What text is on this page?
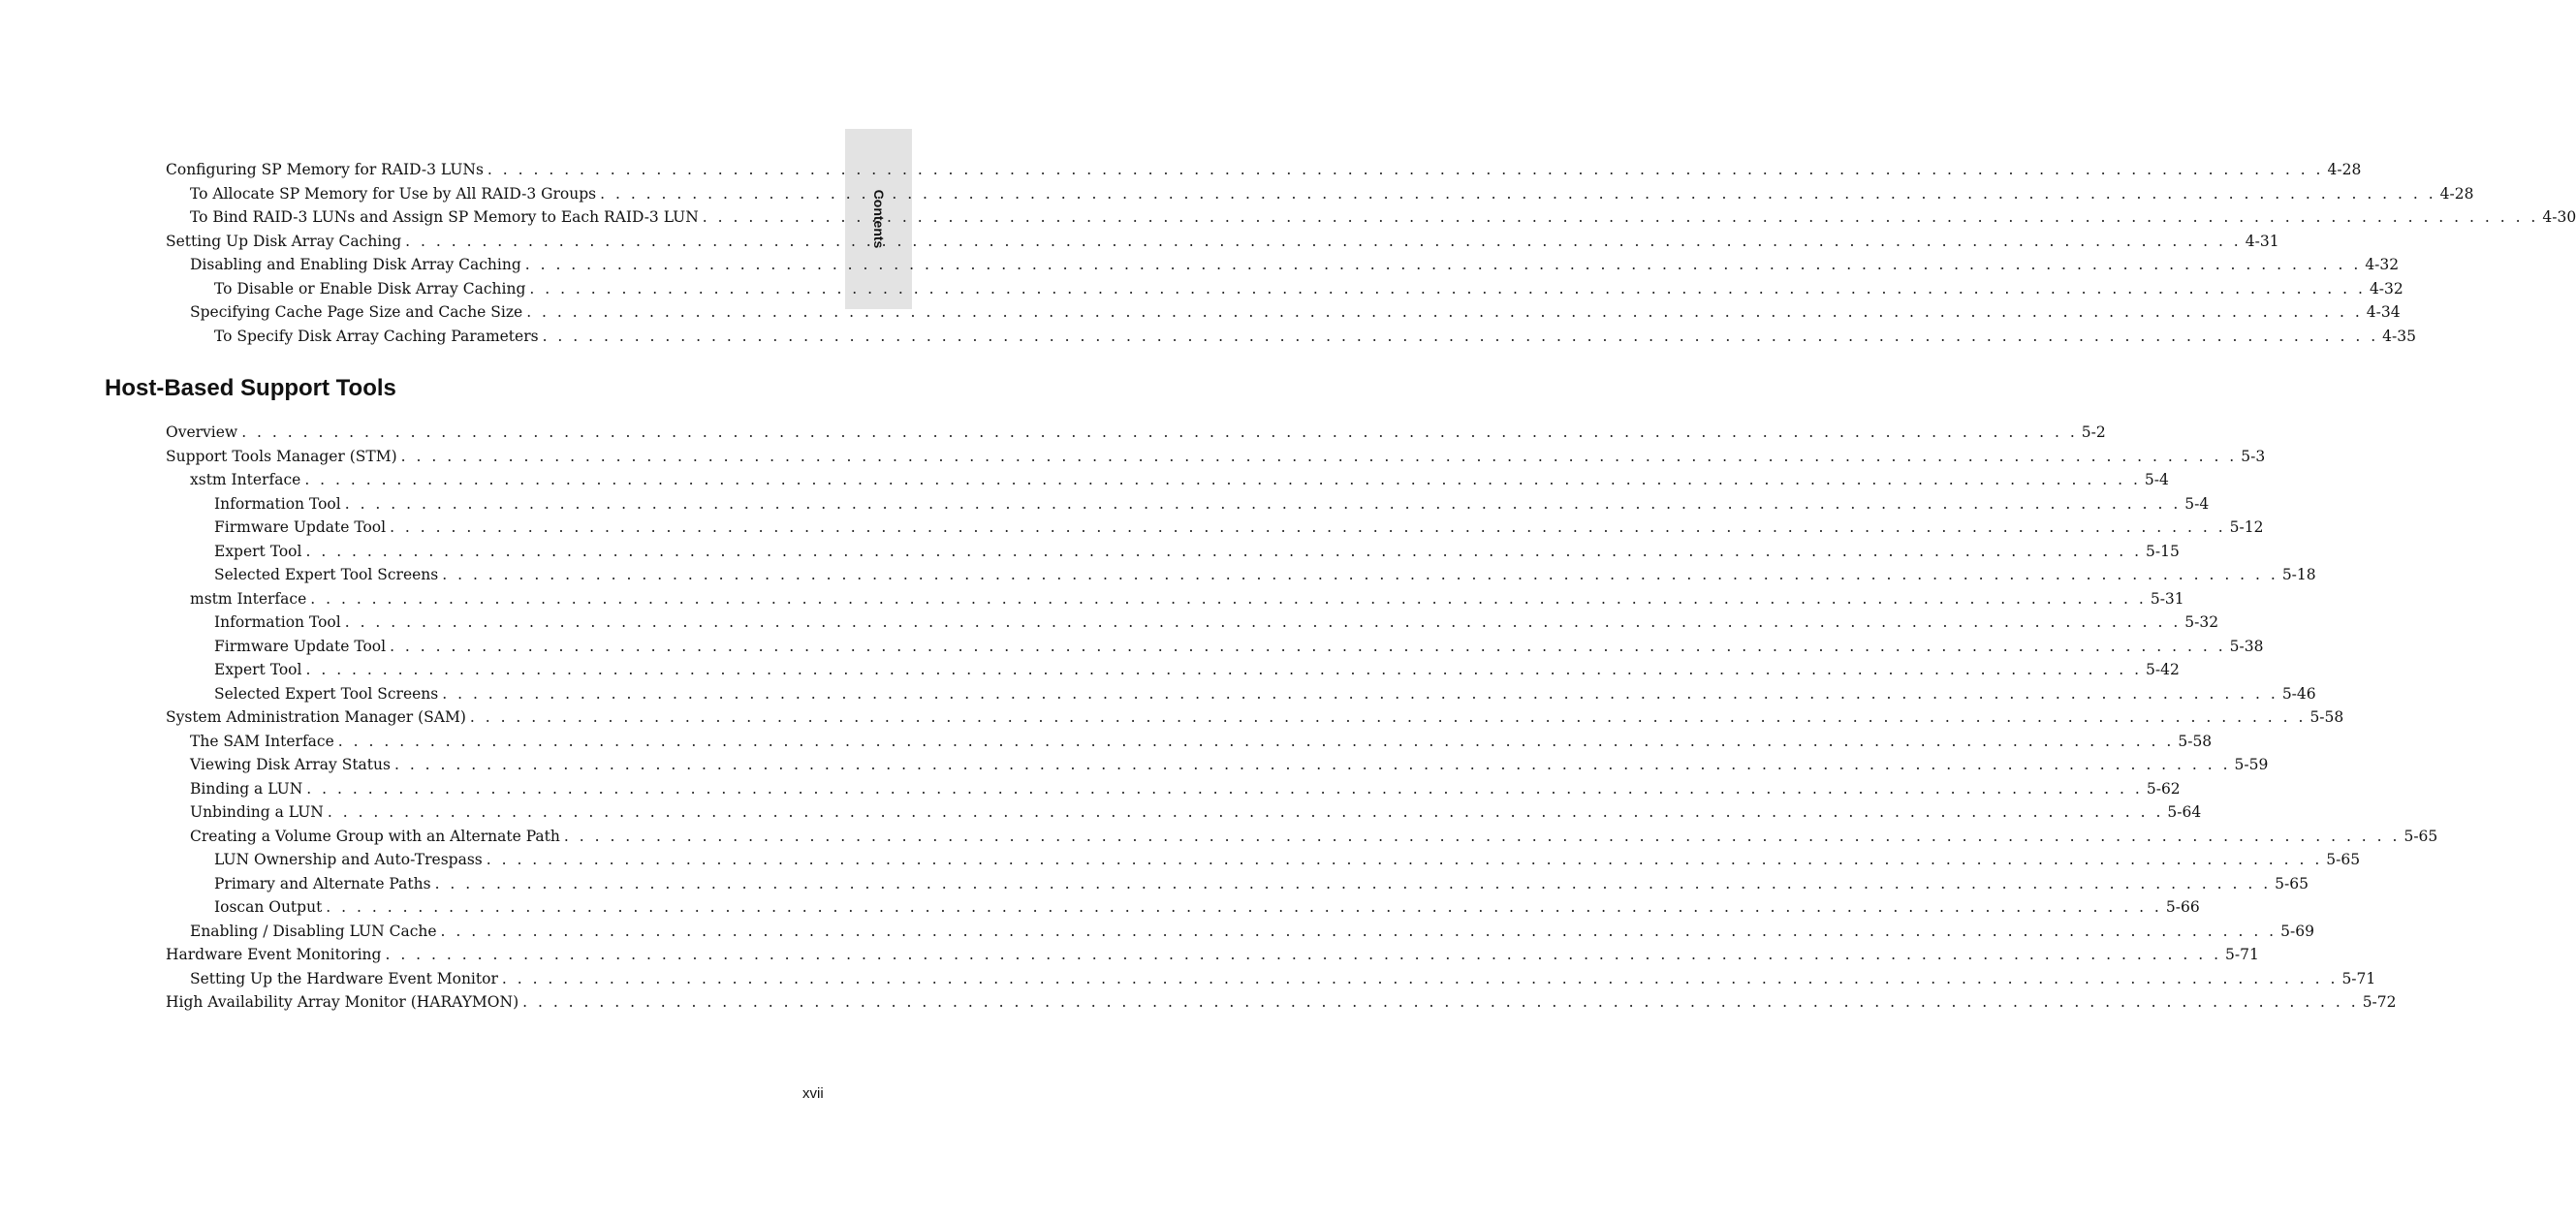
Contents
Configuring SP Memory for RAID-3 LUNs . . . . . . . . . . . . . . . . . . . . . . . . . . . . . . . . . . . . . . . . . . . . . . . . . . . . . . . . . . . . . . . . . . . . . . . . . . . . . . . . . . . . . . . . . . . . . . . . . . . . . . . . . . . . . . . . . . . . . . . . 4-28
To Allocate SP Memory for Use by All RAID-3 Groups . . . . . . . . . . . . . . . . . . . . . . . . . . . . . . . . . . . . . . . . . . . . . . . . . . . . . . . . . . . . . . . . . . . . . . . . . . . . . . . . . . . . . . . . . . . . . . . . . . . . . . . . . . . . . . . . . . . . . . . . 4-28
To Bind RAID-3 LUNs and Assign SP Memory to Each RAID-3 LUN . . . . . . . . . . . . . . . . . . . . . . . . . . . . . . . . . . . . . . . . . . . . . . . . . . . . . . . . . . . . . . . . . . . . . . . . . . . . . . . . . . . . . . . . . . . . . . . . . . . . . . . . . . . . . . . . . . . . . . . . 4-30
Setting Up Disk Array Caching . . . . . . . . . . . . . . . . . . . . . . . . . . . . . . . . . . . . . . . . . . . . . . . . . . . . . . . . . . . . . . . . . . . . . . . . . . . . . . . . . . . . . . . . . . . . . . . . . . . . . . . . . . . . . . . . . . . . . . . . 4-31
Disabling and Enabling Disk Array Caching . . . . . . . . . . . . . . . . . . . . . . . . . . . . . . . . . . . . . . . . . . . . . . . . . . . . . . . . . . . . . . . . . . . . . . . . . . . . . . . . . . . . . . . . . . . . . . . . . . . . . . . . . . . . . . . . . . . . . . . . 4-32
To Disable or Enable Disk Array Caching . . . . . . . . . . . . . . . . . . . . . . . . . . . . . . . . . . . . . . . . . . . . . . . . . . . . . . . . . . . . . . . . . . . . . . . . . . . . . . . . . . . . . . . . . . . . . . . . . . . . . . . . . . . . . . . . . . . . . . . . 4-32
Specifying Cache Page Size and Cache Size . . . . . . . . . . . . . . . . . . . . . . . . . . . . . . . . . . . . . . . . . . . . . . . . . . . . . . . . . . . . . . . . . . . . . . . . . . . . . . . . . . . . . . . . . . . . . . . . . . . . . . . . . . . . . . . . . . . . . . . . 4-34
To Specify Disk Array Caching Parameters . . . . . . . . . . . . . . . . . . . . . . . . . . . . . . . . . . . . . . . . . . . . . . . . . . . . . . . . . . . . . . . . . . . . . . . . . . . . . . . . . . . . . . . . . . . . . . . . . . . . . . . . . . . . . . . . . . . . . . . . 4-35
Host-Based Support Tools
Overview . . . . . . . . . . . . . . . . . . . . . . . . . . . . . . . . . . . . . . . . . . . . . . . . . . . . . . . . . . . . . . . . . . . . . . . . . . . . . . . . . . . . . . . . . . . . . . . . . . . . . . . . . . . . . . . . . . . . . . . . 5-2
Support Tools Manager (STM) . . . . . . . . . . . . . . . . . . . . . . . . . . . . . . . . . . . . . . . . . . . . . . . . . . . . . . . . . . . . . . . . . . . . . . . . . . . . . . . . . . . . . . . . . . . . . . . . . . . . . . . . . . . . . . . . . . . . . . . . 5-3
xstm Interface . . . . . . . . . . . . . . . . . . . . . . . . . . . . . . . . . . . . . . . . . . . . . . . . . . . . . . . . . . . . . . . . . . . . . . . . . . . . . . . . . . . . . . . . . . . . . . . . . . . . . . . . . . . . . . . . . . . . . . . . 5-4
Information Tool . . . . . . . . . . . . . . . . . . . . . . . . . . . . . . . . . . . . . . . . . . . . . . . . . . . . . . . . . . . . . . . . . . . . . . . . . . . . . . . . . . . . . . . . . . . . . . . . . . . . . . . . . . . . . . . . . . . . . . . . 5-4
Firmware Update Tool . . . . . . . . . . . . . . . . . . . . . . . . . . . . . . . . . . . . . . . . . . . . . . . . . . . . . . . . . . . . . . . . . . . . . . . . . . . . . . . . . . . . . . . . . . . . . . . . . . . . . . . . . . . . . . . . . . . . . . . . 5-12
Expert Tool . . . . . . . . . . . . . . . . . . . . . . . . . . . . . . . . . . . . . . . . . . . . . . . . . . . . . . . . . . . . . . . . . . . . . . . . . . . . . . . . . . . . . . . . . . . . . . . . . . . . . . . . . . . . . . . . . . . . . . . . 5-15
Selected Expert Tool Screens . . . . . . . . . . . . . . . . . . . . . . . . . . . . . . . . . . . . . . . . . . . . . . . . . . . . . . . . . . . . . . . . . . . . . . . . . . . . . . . . . . . . . . . . . . . . . . . . . . . . . . . . . . . . . . . . . . . . . . . . 5-18
mstm Interface . . . . . . . . . . . . . . . . . . . . . . . . . . . . . . . . . . . . . . . . . . . . . . . . . . . . . . . . . . . . . . . . . . . . . . . . . . . . . . . . . . . . . . . . . . . . . . . . . . . . . . . . . . . . . . . . . . . . . . . . 5-31
Information Tool . . . . . . . . . . . . . . . . . . . . . . . . . . . . . . . . . . . . . . . . . . . . . . . . . . . . . . . . . . . . . . . . . . . . . . . . . . . . . . . . . . . . . . . . . . . . . . . . . . . . . . . . . . . . . . . . . . . . . . . . 5-32
Firmware Update Tool . . . . . . . . . . . . . . . . . . . . . . . . . . . . . . . . . . . . . . . . . . . . . . . . . . . . . . . . . . . . . . . . . . . . . . . . . . . . . . . . . . . . . . . . . . . . . . . . . . . . . . . . . . . . . . . . . . . . . . . . 5-38
Expert Tool . . . . . . . . . . . . . . . . . . . . . . . . . . . . . . . . . . . . . . . . . . . . . . . . . . . . . . . . . . . . . . . . . . . . . . . . . . . . . . . . . . . . . . . . . . . . . . . . . . . . . . . . . . . . . . . . . . . . . . . . 5-42
Selected Expert Tool Screens . . . . . . . . . . . . . . . . . . . . . . . . . . . . . . . . . . . . . . . . . . . . . . . . . . . . . . . . . . . . . . . . . . . . . . . . . . . . . . . . . . . . . . . . . . . . . . . . . . . . . . . . . . . . . . . . . . . . . . . . 5-46
System Administration Manager (SAM) . . . . . . . . . . . . . . . . . . . . . . . . . . . . . . . . . . . . . . . . . . . . . . . . . . . . . . . . . . . . . . . . . . . . . . . . . . . . . . . . . . . . . . . . . . . . . . . . . . . . . . . . . . . . . . . . . . . . . . . . 5-58
The SAM Interface . . . . . . . . . . . . . . . . . . . . . . . . . . . . . . . . . . . . . . . . . . . . . . . . . . . . . . . . . . . . . . . . . . . . . . . . . . . . . . . . . . . . . . . . . . . . . . . . . . . . . . . . . . . . . . . . . . . . . . . . 5-58
Viewing Disk Array Status . . . . . . . . . . . . . . . . . . . . . . . . . . . . . . . . . . . . . . . . . . . . . . . . . . . . . . . . . . . . . . . . . . . . . . . . . . . . . . . . . . . . . . . . . . . . . . . . . . . . . . . . . . . . . . . . . . . . . . . . 5-59
Binding a LUN . . . . . . . . . . . . . . . . . . . . . . . . . . . . . . . . . . . . . . . . . . . . . . . . . . . . . . . . . . . . . . . . . . . . . . . . . . . . . . . . . . . . . . . . . . . . . . . . . . . . . . . . . . . . . . . . . . . . . . . . 5-62
Unbinding a LUN . . . . . . . . . . . . . . . . . . . . . . . . . . . . . . . . . . . . . . . . . . . . . . . . . . . . . . . . . . . . . . . . . . . . . . . . . . . . . . . . . . . . . . . . . . . . . . . . . . . . . . . . . . . . . . . . . . . . . . . . 5-64
Creating a Volume Group with an Alternate Path . . . . . . . . . . . . . . . . . . . . . . . . . . . . . . . . . . . . . . . . . . . . . . . . . . . . . . . . . . . . . . . . . . . . . . . . . . . . . . . . . . . . . . . . . . . . . . . . . . . . . . . . . . . . . . . . . . . . . . . . 5-65
LUN Ownership and Auto-Trespass . . . . . . . . . . . . . . . . . . . . . . . . . . . . . . . . . . . . . . . . . . . . . . . . . . . . . . . . . . . . . . . . . . . . . . . . . . . . . . . . . . . . . . . . . . . . . . . . . . . . . . . . . . . . . . . . . . . . . . . . 5-65
Primary and Alternate Paths . . . . . . . . . . . . . . . . . . . . . . . . . . . . . . . . . . . . . . . . . . . . . . . . . . . . . . . . . . . . . . . . . . . . . . . . . . . . . . . . . . . . . . . . . . . . . . . . . . . . . . . . . . . . . . . . . . . . . . . . 5-65
Ioscan Output . . . . . . . . . . . . . . . . . . . . . . . . . . . . . . . . . . . . . . . . . . . . . . . . . . . . . . . . . . . . . . . . . . . . . . . . . . . . . . . . . . . . . . . . . . . . . . . . . . . . . . . . . . . . . . . . . . . . . . . . 5-66
Enabling / Disabling LUN Cache . . . . . . . . . . . . . . . . . . . . . . . . . . . . . . . . . . . . . . . . . . . . . . . . . . . . . . . . . . . . . . . . . . . . . . . . . . . . . . . . . . . . . . . . . . . . . . . . . . . . . . . . . . . . . . . . . . . . . . . . 5-69
Hardware Event Monitoring . . . . . . . . . . . . . . . . . . . . . . . . . . . . . . . . . . . . . . . . . . . . . . . . . . . . . . . . . . . . . . . . . . . . . . . . . . . . . . . . . . . . . . . . . . . . . . . . . . . . . . . . . . . . . . . . . . . . . . . . 5-71
Setting Up the Hardware Event Monitor . . . . . . . . . . . . . . . . . . . . . . . . . . . . . . . . . . . . . . . . . . . . . . . . . . . . . . . . . . . . . . . . . . . . . . . . . . . . . . . . . . . . . . . . . . . . . . . . . . . . . . . . . . . . . . . . . . . . . . . . 5-71
High Availability Array Monitor (HARAYMON) . . . . . . . . . . . . . . . . . . . . . . . . . . . . . . . . . . . . . . . . . . . . . . . . . . . . . . . . . . . . . . . . . . . . . . . . . . . . . . . . . . . . . . . . . . . . . . . . . . . . . . . . . . . . . . . . . . . . . . . . 5-72
xvii
